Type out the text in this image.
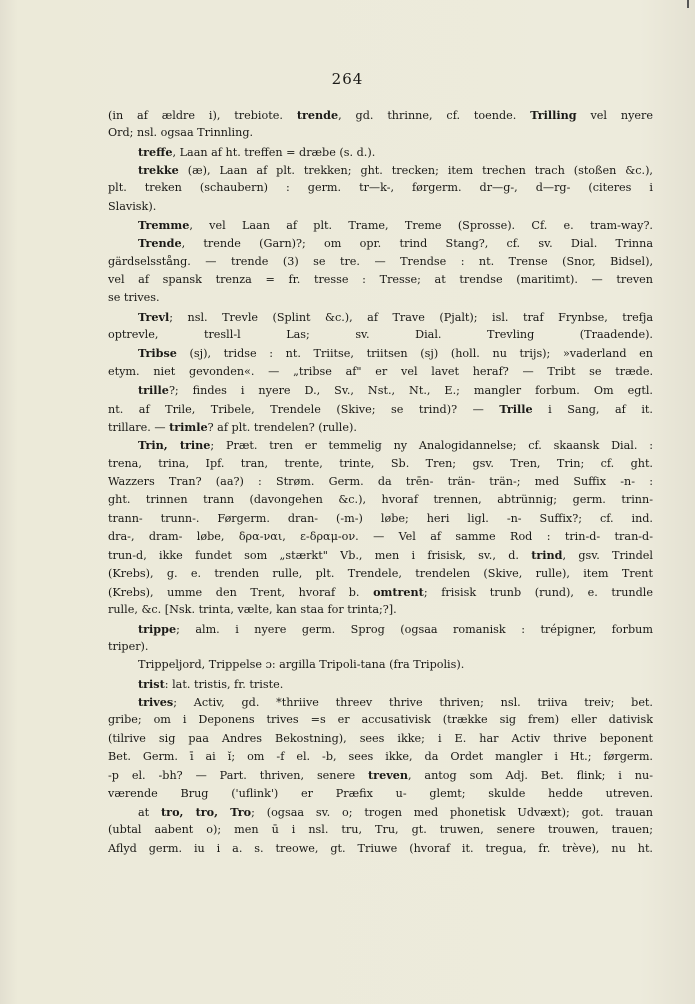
264
(in af ældre i), trebiote. trende, gd. thrinne, cf. toende. Trilling vel nyere
Ord; nsl. ogsaa Trinnling.
treffe, Laan af ht. treffen = dræbe (s. d.).
trekke (æ), Laan af plt. trekken; ght. trecken; item trechen trach (stoßen &c.),
plt. treken (schaubern) : germ. tr—k-, førgerm. dr—g-, d—rg- (citeres i
Slavisk).
Tremme, vel Laan af plt. Trame, Treme (Sprosse). Cf. e. tram-way?.
Trende, trende (Garn)?; om opr. trind Stang?, cf. sv. Dial. Trinna
gärdselsstång. — trende (3) se tre. — Trendse : nt. Trense (Snor, Bidsel),
vel af spansk trenza = fr. tresse : Tresse; at trendse (maritimt). — treven
se trives.
Trevl; nsl. Trevle (Splint &c.), af Trave (Pjalt); isl. traf Frynbse, trefja
optrevle, tresll-l Las; sv. Dial. Trevling (Traadende).
Tribse (sj), tridse : nt. Triitse, triitsen (sj) (holl. nu trijs); »vaderland en
etym. niet gevonden«. — „tribse af" er vel lavet heraf? — Tribt se træde.
trille?; findes i nyere D., Sv., Nst., Nt., E.; mangler forbum. Om egtl.
nt. af Trile, Tribele, Trendele (Skive; se trind)? — Trille i Sang, af it.
trillare. — trimle? af plt. trendelen? (rulle).
Trin, trine; Præt. tren er temmelig ny Analogidannelse; cf. skaansk Dial. :
trena, trina, Ipf. tran, trente, trinte, Sb. Tren; gsv. Tren, Trin; cf. ght.
Wazzers Tran? (aa?) : Strøm. Germ. da trēn- trän- trän-; med Suffix -n- :
ght. trinnen trann (davongehen &c.), hvoraf trennen, abtrünnig; germ. trinn-
trann- trunn-. Førgerm. dran- (-m-) løbe; heri ligl. -n- Suffix?; cf. ind.
dra-, dram- løbe, δρα-ναι, ε-δραμ-ον. — Vel af samme Rod : trin-d- tran-d-
trun-d, ikke fundet som „stærkt" Vb., men i frisisk, sv., d. trind, gsv. Trindel
(Krebs), g. e. trenden rulle, plt. Trendele, trendelen (Skive, rulle), item Trent
(Krebs), umme den Trent, hvoraf b. omtrent; frisisk trunb (rund), e. trundle
rulle, &c. [Nsk. trinta, vælte, kan staa for trinta;?].
trippe; alm. i nyere germ. Sprog (ogsaa romanisk : trépigner, forbum
triper).
Trippeljord, Trippelse ɔ: argilla Tripoli-tana (fra Tripolis).
trist: lat. tristis, fr. triste.
trives; Activ, gd. *thriive threev thrive thriven; nsl. triiva treiv; bet.
gribe; om i Deponens trives =s er accusativisk (trække sig frem) eller dativisk
(tilrive sig paa Andres Bekostning), sees ikke; i E. har Activ thrive beponent
Bet. Germ. ī ai ĭ; om -f el. -b, sees ikke, da Ordet mangler i Ht.; førgerm.
-p el. -bh? — Part. thriven, senere treven, antog som Adj. Bet. flink; i nu-
værende Brug ('uflink') er Præfix u- glemt; skulde hedde utreven.
at tro, tro, Tro; (ogsaa sv. o; trogen med phonetisk Udvæxt); got. trauan
(ubtal aabent o); men ū i nsl. tru, Tru, gt. truwen, senere trouwen, trauen;
Aflyd germ. iu i a. s. treowe, gt. Triuwe (hvoraf it. tregua, fr. trève), nu ht.
